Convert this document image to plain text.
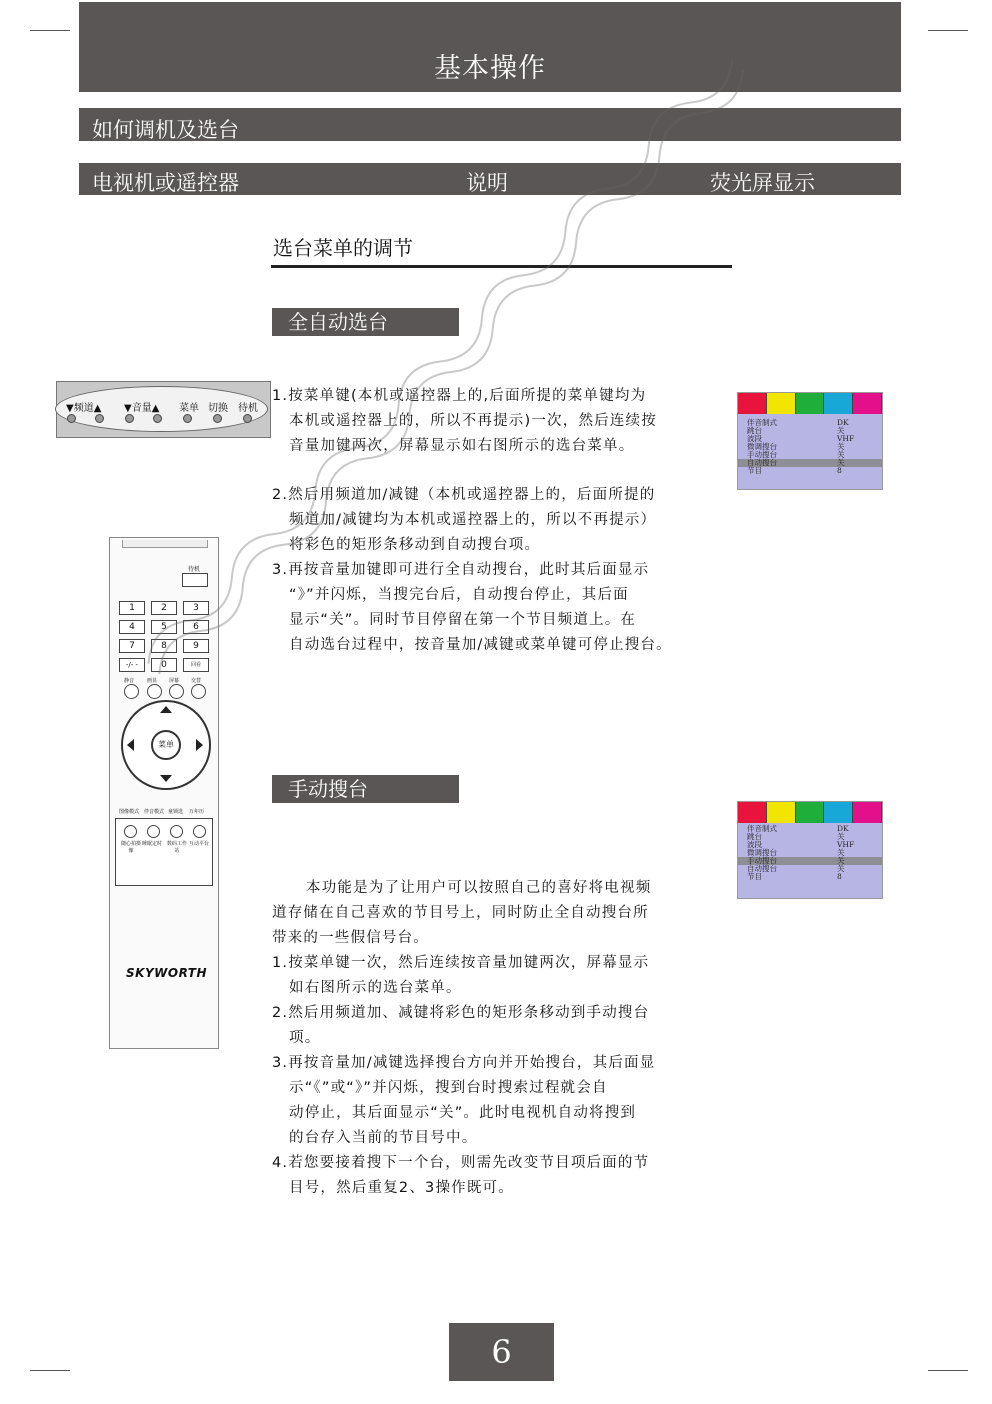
基本操作
如何调机及选台
电视机或遥控器	说明	荧光屏显示
选台菜单的调节
全自动选台
1.按菜单键(本机或遥控器上的,后面所提的菜单键均为
本机或遥控器上的，所以不再提示)一次，然后连续按
音量加键两次，屏幕显示如右图所示的选台菜单。
2.然后用频道加/减键（本机或遥控器上的，后面所提的
频道加/减键均为本机或遥控器上的，所以不再提示）
将彩色的矩形条移动到自动搜台项。
3.再按音量加键即可进行全自动搜台，此时其后面显示
“》”并闪烁，当搜完台后，自动搜台停止，其后面
显示“关”。同时节目停留在第一个节目频道上。在
自动选台过程中，按音量加/减键或菜单键可停止搜台。
手动搜台
本功能是为了让用户可以按照自己的喜好将电视频
道存储在自己喜欢的节目号上，同时防止全自动搜台所
带来的一些假信号台。
1.按菜单键一次，然后连续按音量加键两次，屏幕显示
如右图所示的选台菜单。
2.然后用频道加、减键将彩色的矩形条移动到手动搜台
项。
3.再按音量加/减键选择搜台方向并开始搜台，其后面显
示“《”或“》”并闪烁，搜到台时搜索过程就会自
动停止，其后面显示“关”。此时电视机自动将搜到
的台存入当前的节目号中。
4.若您要接着搜下一个台，则需先改变节目项后面的节
目号，然后重复2、3操作既可。
▼频道▲ ▼音量▲ 菜单 切换 待机
待机
1	2	3
4	5	6
7	8	9
-/- -	0	回看
静音	画显 屏幕 交替
菜单
图像模式 伴音模式 童锁选 万年历
随心拍摄像
睡眠定时 数码工作站
互动平台
SKYWORTH
伴音制式	DK
跳台	关
波段	VHF
微调搜台	关
手动搜台	关
自动搜台	关
节目	8
伴音制式	DK
跳台	关
波段	VHF
微调搜台	关
手动搜台	关
自动搜台	关
节目	8
6
